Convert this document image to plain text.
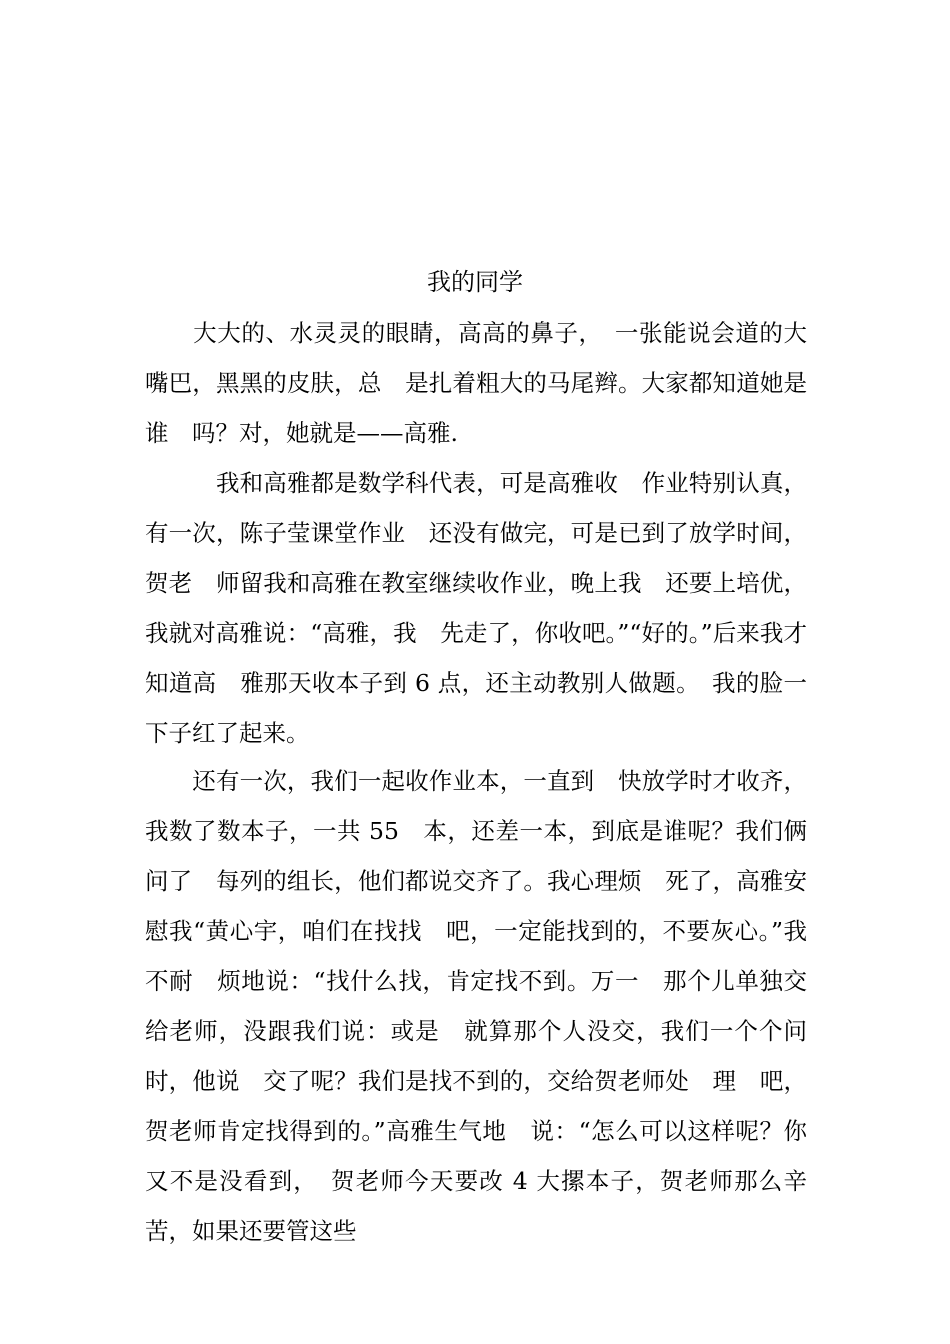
我的同学
　　大大的、水灵灵的眼睛，高高的鼻子，　一张能说会道的大嘴巴，黑黑的皮肤，总　是扎着粗大的马尾辫。大家都知道她是谁　吗？对，她就是——高雅.
　　　我和高雅都是数学科代表，可是高雅收　作业特别认真，有一次，陈子莹课堂作业　还没有做完，可是已到了放学时间，贺老　师留我和高雅在教室继续收作业，晚上我　还要上培优，我就对高雅说：“高雅，我　先走了，你收吧。”“好的。”后来我才　知道高　雅那天收本子到 6 点，还主动教别人做题。　我的脸一下子红了起来。
　　还有一次，我们一起收作业本，一直到　快放学时才收齐，我数了数本子，一共 55　本，还差一本，到底是谁呢？我们俩问了　每列的组长，他们都说交齐了。我心理烦　死了，高雅安慰我“黄心宇，咱们在找找　吧，一定能找到的，不要灰心。”我不耐　烦地说：“找什么找，肯定找不到。万一　那个儿单独交给老师，没跟我们说：或是　就算那个人没交，我们一个个问时，他说　交了呢？我们是找不到的，交给贺老师处　理　吧，贺老师肯定找得到的。”高雅生气地　说：“怎么可以这样呢？你又不是没看到，　贺老师今天要改 4 大摞本子，贺老师那么辛　苦，如果还要管这些
